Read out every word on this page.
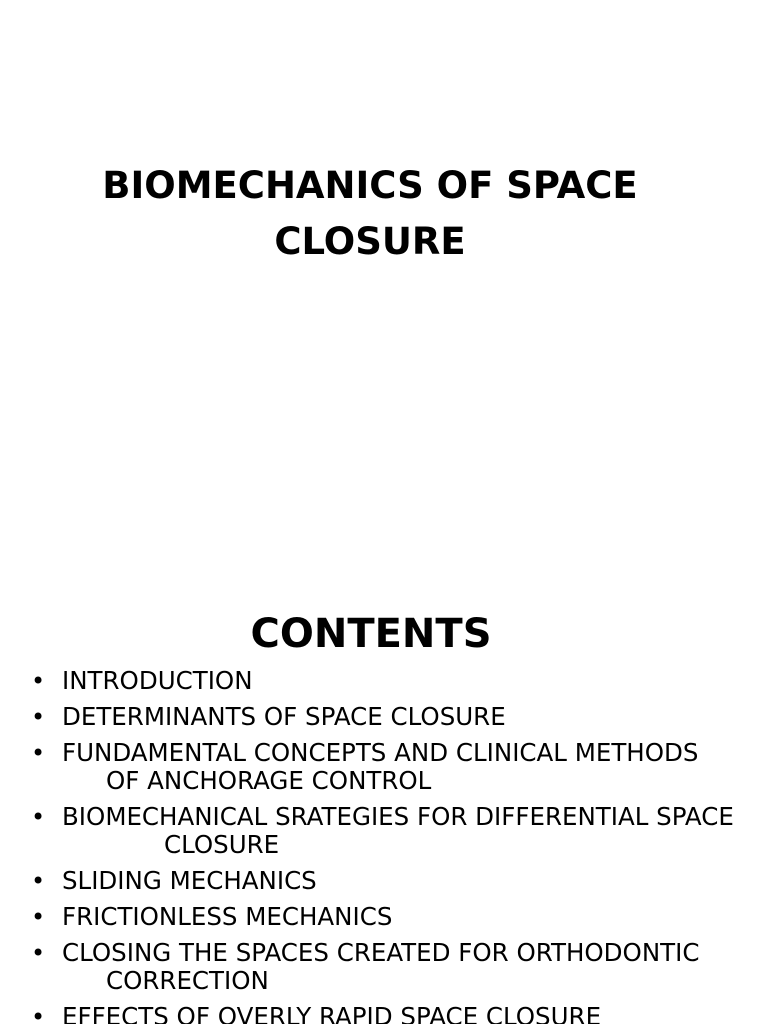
BIOMECHANICS OF SPACE
CLOSURE
CONTENTS
• INTRODUCTION
• DETERMINANTS OF SPACE CLOSURE
• FUNDAMENTAL CONCEPTS AND CLINICAL METHODS
OF ANCHORAGE CONTROL
• BIOMECHANICAL SRATEGIES FOR DIFFERENTIAL SPACE
CLOSURE
• SLIDING MECHANICS
• FRICTIONLESS MECHANICS
• CLOSING THE SPACES CREATED FOR ORTHODONTIC
CORRECTION
• EFFECTS OF OVERLY RAPID SPACE CLOSURE
